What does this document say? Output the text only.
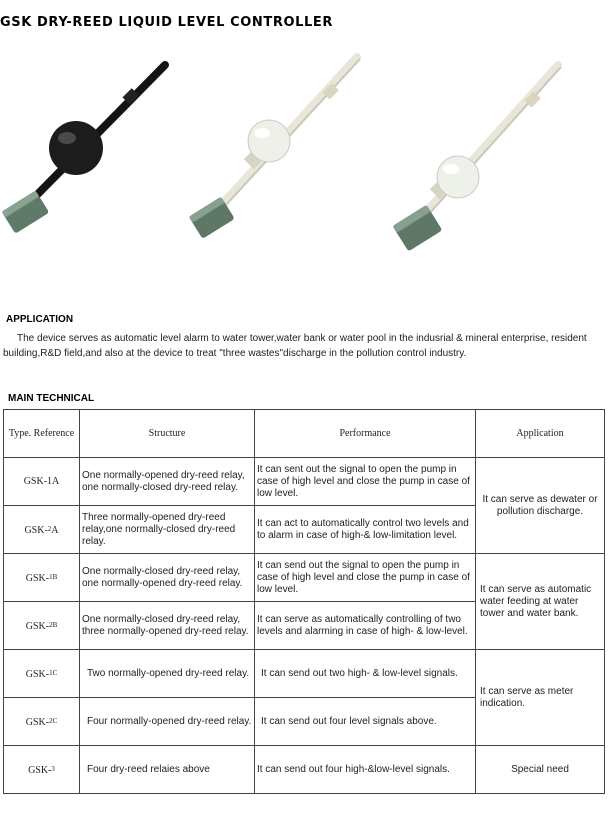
GSK DRY-REED LIQUID LEVEL CONTROLLER
APPLICATION
The device serves as automatic level alarm to water tower,water bank or water pool in the indusrial & mineral enterprise, resident building,R&D field,and also at the device to treat "three wastes"discharge in the pollution control industry.
MAIN TECHNICAL
Type. Reference	Structure	Performance	Application
GSK-1A	One normally-opened dry-reed relay, one normally-closed dry-reed relay.	It can sent out the signal to open the pump in case of high level and close the pump in case of low level.	It can serve as dewater or pollution discharge.
GSK-$^2$A	Three normally-opened dry-reed relay,one normally-closed dry-reed relay.	It can act to automatically control two levels and to alarm in case of high-& low-limitation level.	
GSK-$^{1B}$	One normally-closed dry-reed relay, one normally-opened dry-reed relay.	It can send out the signal to open the pump in case of high level and close the pump in case of low level.	It can serve as automatic water feeding at water tower and water bank.
GSK-$^{2B}$	One normally-closed dry-reed relay, three normally-opened dry-reed relay.	It can serve as automatically controlling of two levels and alarming in case of high- & low-level.	
GSK-$^{1C}$	Two normally-opened dry-reed relay.	It can send out two high- & low-level signals.	It can serve as meter indication.
GSK-$^{2C}$	Four normally-opened dry-reed relay.	It can send out four level signals above.	
GSK-$^3$	Four dry-reed relaies above	It can send out four high-&low-level signals.	Special need
